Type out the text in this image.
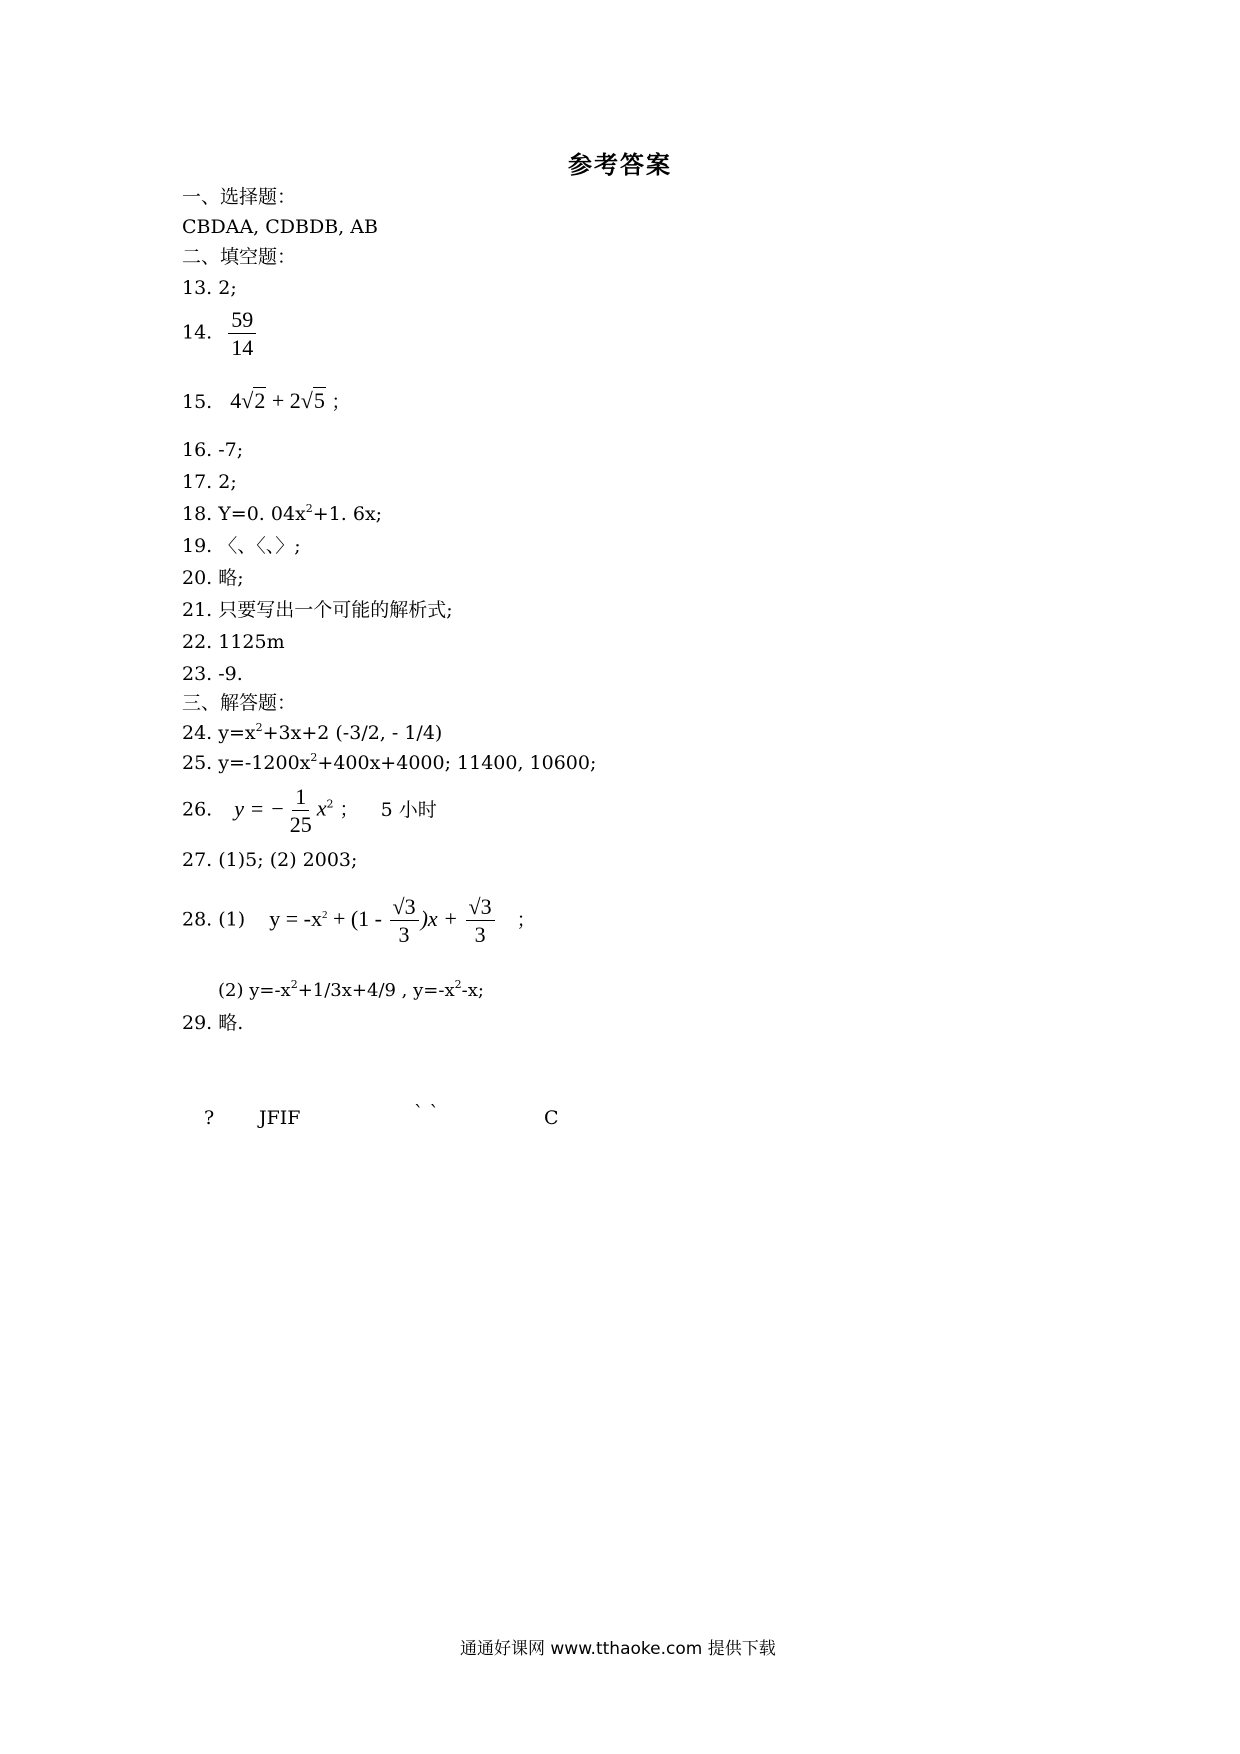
参考答案
一、选择题：
CBDAA, CDBDB, AB
二、填空题：
13. 2;
14. $\frac{59}{14}$
15. 4√2 + 2√5 ；
16. -7;
17. 2;
18. Y=0. $04x^2+1$. 6x;
19. 〈、〈、〉;
20. 略;
21. 只要写出一个可能的解析式;
22. 1125m
23. -9.
三、解答题：
24. $y=x^2+3x+2$ (-3/2, - 1/4)
25. $y=-1200x^2+400x+4000$; 11400, 10600;
26. y = − $\frac{1}{25} x^2$ ； 5 小时
27. (1)5; (2) 2003;
28. (1) $y = -x^2 + (1 - \frac{√3}{3} )x + \frac{√3}{3}$ ；
(2) $y=-x^2+1/3x+4/9$ , $y=-x^2-x$;
29. 略.
? JFIF	` `	C
通通好课网 www.tthaoke.com 提供下载
